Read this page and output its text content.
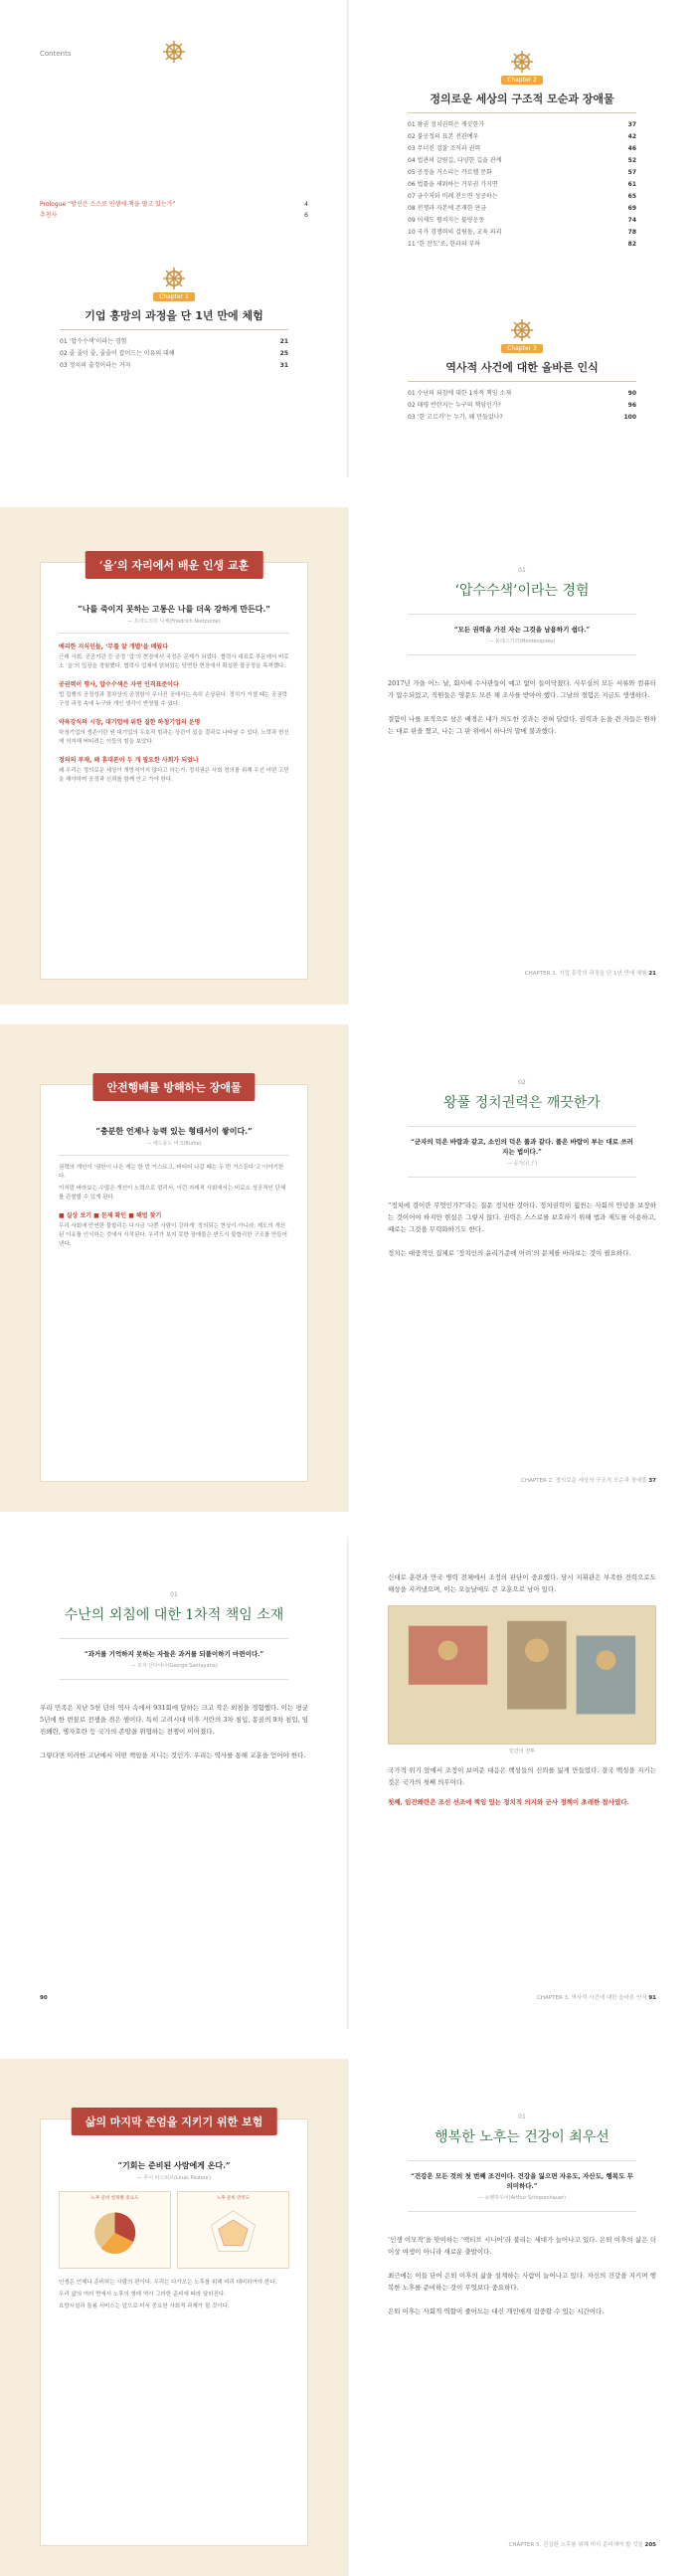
Contents
Prologue “방선은 스스로 인생에 책을 펼고 있는가”	4
추천사	6
Chapter 1
기업 흥망의 과정을 단 1년 만에 체험
01 ‘압수수색’이라는 경험	21
02 줄 줄이 줄, 줄줄이 잡이드는 이유의 대해	25
03 정치의 출정이라는 거지	31
Chapter 2
정의로운 세상의 구조적 모순과 장애물
01 왕권 정치권력은 깨끗한가	37
02 불공정의 표본 전관예우	42
03 무너진 검찰 조직과 권력	46
04 법관의 갈림길, 다양한 길을 관계	52
05 공정을 거스리는 카르텔 문화	57
06 법률을 세워하는 거부권 가지면	61
07 금수저와 비례 전으면 성공하는	65
08 전쟁과 자본에 존재한 연금	69
09 어제도 펼쳐지는 불량운동	74
10 국가 경쟁력의 걸림돌, 교육 파괴	78
11 ‘한 잔도’로, 한과의 부하	82
Chapter 3
역사적 사건에 대한 올바른 인식
01 수난의 외침에 대한 1차적 책임 소재	90
02 태평 반란지는 누구의 책임인가?	96
03 ‘한 고르키’는 누가, 왜 만들었나?	100
‘을’의 자리에서 배운 인생 교훈
“나를 죽이지 못하는 고통은 나를 더욱 강하게 만든다.”
— 프리드리히 니체(Friedrich Nietzsche)
예리한 지식인들, ‘무릎 앞 개별’을 배웠다
근래 사회, 공공기관 등 공정 ‘업’의 현장에서 국정은 문제가 되었다. 협력사 대표로 부문에서 비로소 ‘을’의 입장을 경험했다. 협력사 업체에 얽혀있는 당면한 현장에서 확실한 불공정을 목격했다.
공권력이 행사, 압수수색은 자연 인격표준이다
법 집행의 공정성과 절차상의 공정함이 무너진 곳에서는 속히 손상된다. 정치가 거셀 때는 공권력 구성 과정 속에 누구와 개인 생각이 반영될 수 있다.
약육강식의 시장, 대기업에 위한 질한 하청기업의 운명
하청기업의 생존이란 원 대기업의 우호적 힘과는 상관이 있을 결과로 나타날 수 있다. 노력과 헌신에 의지해 버티려는 이들의 힘을 보았다.
정의의 부재, 왜 휴대폰이 두 개 필요한 사회가 되었나
왜 우리는 정의로운 세상이 개방적이지 않다고 하는가. 정치권은 사회 정의를 위해 우선 어떤 고민을 해야하며 공정과 신뢰를 함께 안고 가야 한다.
01
‘압수수색’이라는 경험
“모든 권력을 가진 자는 그것을 남용하기 쉽다.”
— 몽테스키외(Montesquieu)

2017년 가을 어느 날, 회사에 수사관들이 예고 없이 들이닥쳤다. 사무실의 모든 서류와 컴퓨터가 압수되었고, 직원들은 영문도 모른 채 조사를 받아야 했다. 그날의 경험은 지금도 생생하다.

결함이 나를 표적으로 삼은 배경은 내가 의도한 것과는 전혀 달랐다. 권력과 돈을 쥔 자들은 원하는 대로 판을 짰고, 나는 그 판 위에서 하나의 말에 불과했다.

CHAPTER 1. 기업 흥망의 과정을 단 1년 만에 체험 21
안전행배를 방해하는 장애물
“충분한 언제나 능력 있는 형태서이 쌓이다.”
— 에드뭉드 버크(Burke)
권력의 개인이 ‘권한이 나온 게는 한 번 거스르고, 버티어 나갈 때는 두 번 거스른다’고 이야기한다.
이처럼 바라보는 수많은 개선이 노력으로 멀리서, 이런 지레적 사회에서는 비로소 성공적인 단체를 관찰할 수 있게 된다.
■ 실상 보기 ■ 문제 확인 ■ 해법 찾기
우리 사회에 만연한 불합리는 다시금 ‘나쁜 사람이 강하게’ 정의되는 현상이 아니라, 제도의 개선된 이유를 인식하는 것에서 시작된다. 우리가 보지 못한 장애물은 반드시 불합리한 구조를 만들어낸다.
02
왕풀 정치권력은 깨끗한가
“군자의 덕은 바람과 같고, 소인의 덕은 풀과 같다. 풀은 바람이 부는 대로 쓰러지는 법이다.”
— 공자(孔子)

“정치에 검이란 무엇인가?”라는 질문 정치한 것이다. 정치권력이 훨씬는 사회의 안녕을 보장하는 것이어야 하지만 현실은 그렇지 않다. 권력은 스스로를 보호하기 위해 법과 제도를 이용하고, 때로는 그것을 무력화하기도 한다.

정치는 대중적인 집체로 ‘정치인의 윤리기준에 어려’의 문제를 바라보는 것이 필요하다.

CHAPTER 2. 정의로운 세상의 구조적 모순과 장애물 37
01
수난의 외침에 대한 1차적 책임 소재
“과거를 기억하지 못하는 자들은 과거를 되풀이하기 마련이다.”
— 조지 산타야나(George Santayana)

우리 민족은 지난 5천 년의 역사 속에서 931회에 달하는 크고 작은 외침을 경험했다. 이는 평균 5년에 한 번꼴로 전쟁을 겪은 셈이다. 특히 고려시대 이후 거란의 3차 침입, 몽골의 9차 침입, 임진왜란, 병자호란 등 국가의 존망을 위협하는 전쟁이 이어졌다.

그렇다면 이러한 고난에서 어떤 책임을 지니는 것인가. 우리는 역사를 통해 교훈을 얻어야 한다.

90

신대로 훈련과 만국 병력 전체에서 조정의 판단이 중요했다. 당시 지휘관은 부족한 전력으로도 해상을 지켜냈으며, 이는 오늘날에도 큰 교훈으로 남아 있다.

민간의 전투

국가적 위기 앞에서 조정이 보여준 대응은 백성들의 신뢰를 잃게 만들었다. 결국 백성을 지키는 것은 국가의 첫째 의무이다.

첫째, 임진왜란은 조선 선조에 책임 있는 정치적 의지와 군사 정책이 초래한 참사였다.

CHAPTER 3. 역사적 사건에 대한 올바른 인식 91
삶의 마지막 존엄을 지키기 위한 보험
“기회는 준비된 사람에게 온다.”
— 루이 파스퇴르(Louis Pasteur)
노후 준비 항목별 중요도	노후 준비 만족도
인생은 언제나 준비하는 사람의 편이다. 우리는 다가오는 노후를 위해 미리 대비하여야 한다.
우리 삶의 여러 면에서 노후의 형태 역시 그러한 준비에 따라 달라진다.
요양시설과 돌봄 서비스는 앞으로 더욱 중요한 사회적 과제가 될 것이다.
01
행복한 노후는 건강이 최우선
“건강은 모든 것의 첫 번째 조건이다. 건강을 잃으면 자유도, 자산도, 행복도 무의미하다.”
— 쇼펜하우어(Arthur Schopenhauer)

‘인생 이모작’을 맞이하는 ‘액티브 시니어’라 불리는 세대가 늘어나고 있다. 은퇴 이후의 삶은 더 이상 여생이 아니라 새로운 출발이다.

최근에는 이들 단어 은퇴 이후의 삶을 설계하는 사람이 늘어나고 있다. 자신의 건강을 지키며 행복한 노후를 준비하는 것이 무엇보다 중요하다.

은퇴 이후는 사회적 역할이 줄어드는 대신 개인에게 집중할 수 있는 시간이다.

CHAPTER 5. 건강한 노후를 위해 미리 준비해야 할 것들 205
